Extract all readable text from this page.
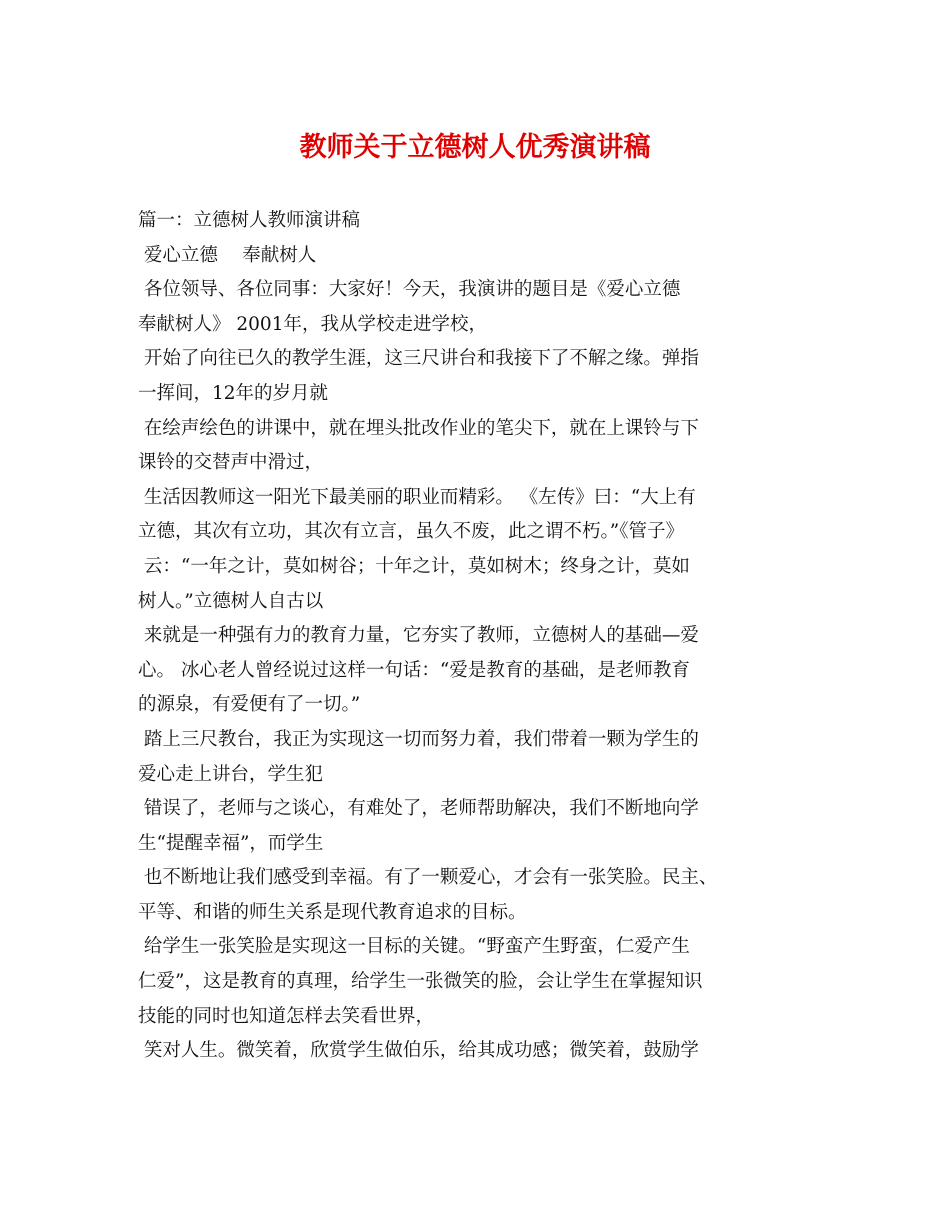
教师关于立德树人优秀演讲稿
篇一：立德树人教师演讲稿
爱心立德　 奉献树人
各位领导、各位同事：大家好！今天，我演讲的题目是《爱心立德
奉献树人》 2001年，我从学校走进学校，
开始了向往已久的教学生涯，这三尺讲台和我接下了不解之缘。弹指
一挥间，12年的岁月就
在绘声绘色的讲课中，就在埋头批改作业的笔尖下，就在上课铃与下
课铃的交替声中滑过，
生活因教师这一阳光下最美丽的职业而精彩。 《左传》曰：“大上有
立德，其次有立功，其次有立言，虽久不废，此之谓不朽。”《管子》
云：“一年之计，莫如树谷；十年之计，莫如树木；终身之计，莫如
树人。”立德树人自古以
来就是一种强有力的教育力量，它夯实了教师，立德树人的基础—爱
心。 冰心老人曾经说过这样一句话：“爱是教育的基础，是老师教育
的源泉，有爱便有了一切。”
踏上三尺教台，我正为实现这一切而努力着，我们带着一颗为学生的
爱心走上讲台，学生犯
错误了，老师与之谈心，有难处了，老师帮助解决，我们不断地向学
生“提醒幸福”，而学生
也不断地让我们感受到幸福。有了一颗爱心，才会有一张笑脸。民主、
平等、和谐的师生关系是现代教育追求的目标。
给学生一张笑脸是实现这一目标的关键。“野蛮产生野蛮，仁爱产生
仁爱”，这是教育的真理，给学生一张微笑的脸，会让学生在掌握知识
技能的同时也知道怎样去笑看世界，
笑对人生。微笑着，欣赏学生做伯乐，给其成功感；微笑着，鼓励学
